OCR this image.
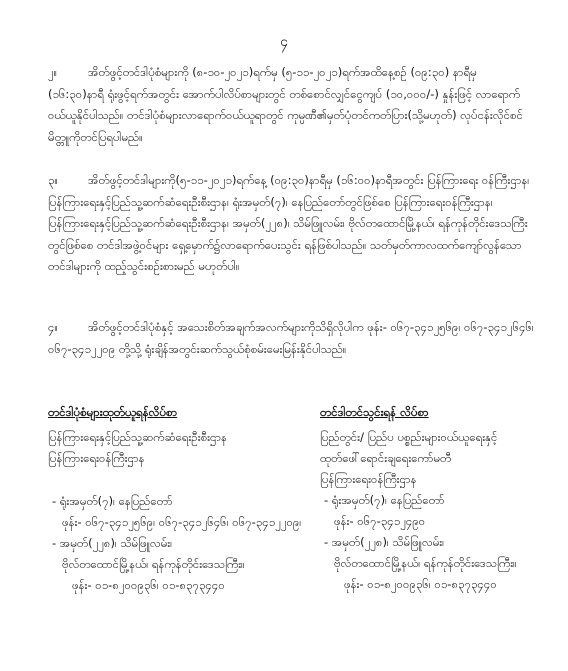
၄

၂။	အိတ်ဖွင့်တင်ဒါပုံစံများကို (၈-၁၀-၂၀၂၁)ရက်မှ (၅-၁၁-၂၀၂၁)ရက်အထိနေ့စဉ် (၀၉:၃၀) နာရီမှ (၁၆:၃၀)နာရီ ရုံးဖွင့်ရက်အတွင်း အောက်ပါလိပ်စာများတွင် တစ်စောင်လျှင်ငွေကျပ် (၁၀,၀၀၀/-) နှုန်းဖြင့် လာရောက်ဝယ်ယူနိုင်ပါသည်။ တင်ဒါပုံစံများလာရောက်ဝယ်ယူရာတွင် ကုမ္ပဏီ၏မှတ်ပုံတင်ကတ်ပြား(သို့မဟုတ်) လုပ်ငန်းလိုင်စင်မိတ္တူကိုတင်ပြရပါမည်။

၃။	အိတ်ဖွင့်တင်ဒါများကို(၅-၁၁-၂၀၂၁)ရက်နေ့ (၀၉:၃၀)နာရီမှ (၁၆:၀၀)နာရီအတွင်း ပြန်ကြားရေး ဝန်ကြီးဌာန၊ ပြန်ကြားရေးနှင့်ပြည်သူ့ဆက်ဆံရေးဦးစီးဌာန၊ ရုံးအမှတ်(၇)၊ နေပြည်တော်တွင်ဖြစ်စေ ပြန်ကြားရေးဝန်ကြီးဌာန၊ ပြန်ကြားရေးနှင့်ပြည်သူ့ဆက်ဆံရေးဦးစီးဌာန၊ အမှတ်(၂၂၈)၊ သိမ်ဖြူလမ်း၊ ဗိုလ်တထောင်မြို့နယ်၊ ရန်ကုန်တိုင်းဒေသကြီးတွင်ဖြစ်စေ တင်ဒါအဖွဲ့ဝင်များ ရှေ့မှောက်၌လာရောက်ပေးသွင်း ရန်ဖြစ်ပါသည်။ သတ်မှတ်ကာလထက်ကျော်လွန်သော တင်ဒါများကို ထည့်သွင်းစဉ်းစားမည် မဟုတ်ပါ။

၄။	အိတ်ဖွင့်တင်ဒါပုံစံနှင့် အသေးစိတ်အချက်အလက်များကိုသိရှိလိုပါက ဖုန်း- ၀၆၇-၃၄၁၂၅၆၉၊ ၀၆၇-၃၄၁၂၆၄၆၊ ၀၆၇-၃၄၁၂၂၀၉ တို့သို့ ရုံးချိန်အတွင်းဆက်သွယ်စုံစမ်းမေးမြန်းနိုင်ပါသည်။

တင်ဒါပုံစံများထုတ်ယူရန်လိပ်စာ
ပြန်ကြားရေးနှင့်ပြည်သူ့ဆက်ဆံရေးဦးစီးဌာန
ပြန်ကြားရေးဝန်ကြီးဌာန
- ရုံးအမှတ်(၇)၊ နေပြည်တော်
ဖုန်း- ၀၆၇-၃၄၁၂၅၆၉၊ ၀၆၇-၃၄၁၂၆၄၆၊ ၀၆၇-၃၄၁၂၂၀၉၊
- အမှတ်(၂၂၈)၊ သိမ်ဖြူလမ်း၊
ဗိုလ်တထောင်မြို့နယ်၊ ရန်ကုန်တိုင်းဒေသကြီး။
ဖုန်း- ၀၁-၈၂၀၀၉၃၆၊ ၀၁-၈၃၇၃၄၄၀
တင်ဒါတင်သွင်းရန် လိပ်စာ
ပြည်တွင်း/ ပြည်ပ ပစ္စည်းများဝယ်ယူရေးနှင့်
ထုတ်ဖေါ်ရောင်းချရေးကော်မတီ
ပြန်ကြားရေးဝန်ကြီးဌာန
- ရုံးအမှတ်(၇)၊ နေပြည်တော်
ဖုန်း- ၀၆၇-၃၄၁၂၄၉၀
- အမှတ်(၂၂၈)၊ သိမ်ဖြူလမ်း၊
ဗိုလ်တထောင်မြို့နယ်၊ ရန်ကုန်တိုင်းဒေသကြီး။
ဖုန်း- ၀၁-၈၂၀၀၉၃၆၊ ၀၁-၈၃၇၃၄၄၀
